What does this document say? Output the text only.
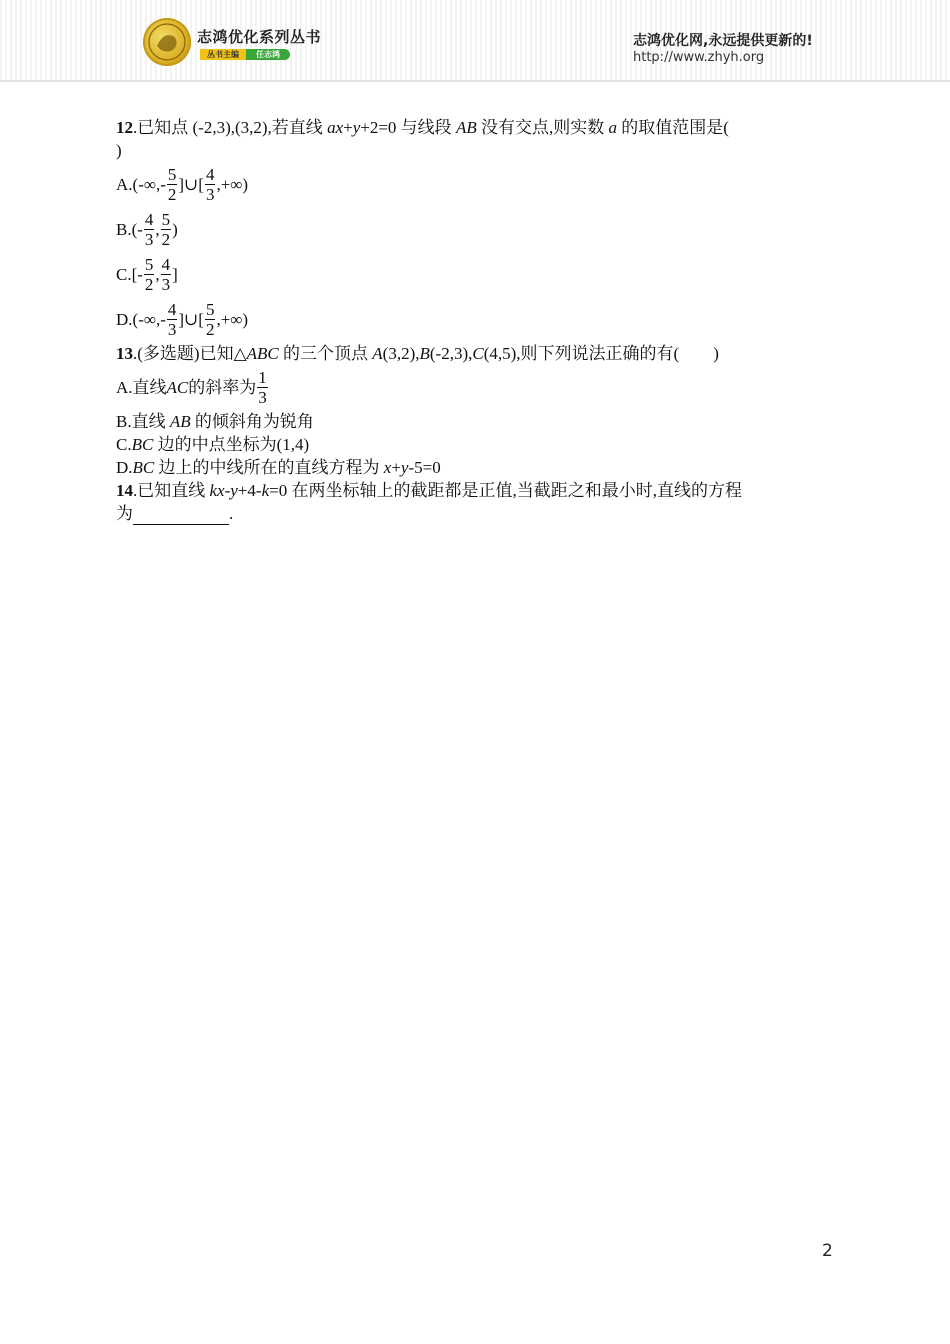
志鸿优化系列丛书
丛书主编	任志鸿
志鸿优化网,永远提供更新的!
http://www.zhyh.org
12.已知点 (-2,3),(3,2),若直线 ax+y+2=0 与线段 AB 没有交点,则实数 a 的取值范围是(
)
$A.(-\infty,- \frac{5}{2}$ ]∪[ $\frac{4}{3}$ ,+∞)
$B.(- \frac{4}{3}$ , $\frac{5}{2}$ )
$C.[- \frac{5}{2}$ , $\frac{4}{3}$ ]
$D.(-\infty,- \frac{4}{3}$ ]∪[ $\frac{5}{2}$ ,+∞)
13.(多选题)已知△ABC 的三个顶点 A(3,2),B(-2,3),C(4,5),则下列说法正确的有( )
A.直线 AC 的斜率为 $\frac{1}{3}$
B.直线 AB 的倾斜角为锐角
C.BC 边的中点坐标为(1,4)
D.BC 边上的中线所在的直线方程为 x+y-5=0
14.已知直线 kx-y+4-k=0 在两坐标轴上的截距都是正值,当截距之和最小时,直线的方程
为	.
2
